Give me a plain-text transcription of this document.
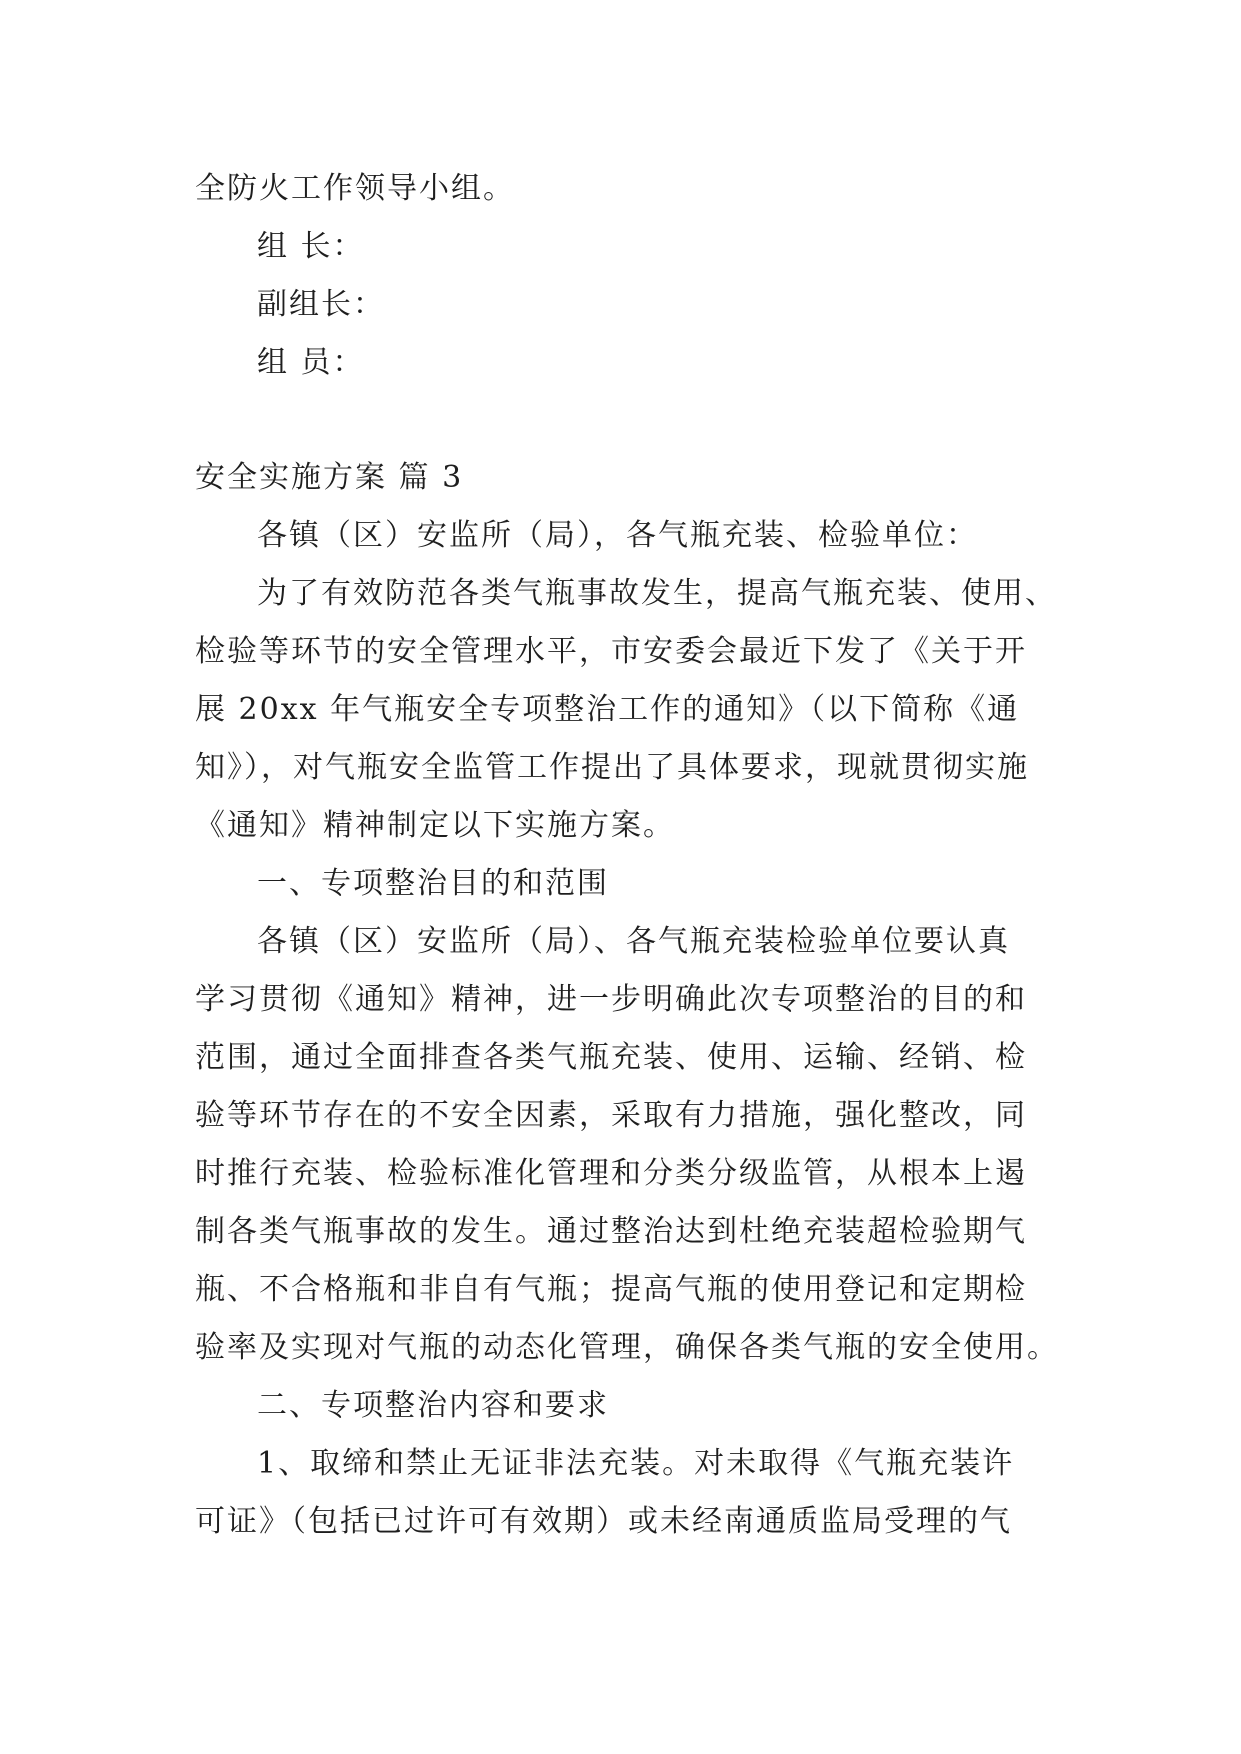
全防火工作领导小组。
组 长：
副组长：
组 员：
安全实施方案 篇 3
各镇（区）安监所（局），各气瓶充装、检验单位：
为了有效防范各类气瓶事故发生，提高气瓶充装、使用、
检验等环节的安全管理水平，市安委会最近下发了《关于开
展 20xx 年气瓶安全专项整治工作的通知》（以下简称《通
知》），对气瓶安全监管工作提出了具体要求，现就贯彻实施
《通知》精神制定以下实施方案。
一、专项整治目的和范围
各镇（区）安监所（局）、各气瓶充装检验单位要认真
学习贯彻《通知》精神，进一步明确此次专项整治的目的和
范围，通过全面排查各类气瓶充装、使用、运输、经销、检
验等环节存在的不安全因素，采取有力措施，强化整改，同
时推行充装、检验标准化管理和分类分级监管，从根本上遏
制各类气瓶事故的发生。通过整治达到杜绝充装超检验期气
瓶、不合格瓶和非自有气瓶；提高气瓶的使用登记和定期检
验率及实现对气瓶的动态化管理，确保各类气瓶的安全使用。
二、专项整治内容和要求
1、取缔和禁止无证非法充装。对未取得《气瓶充装许
可证》（包括已过许可有效期）或未经南通质监局受理的气
